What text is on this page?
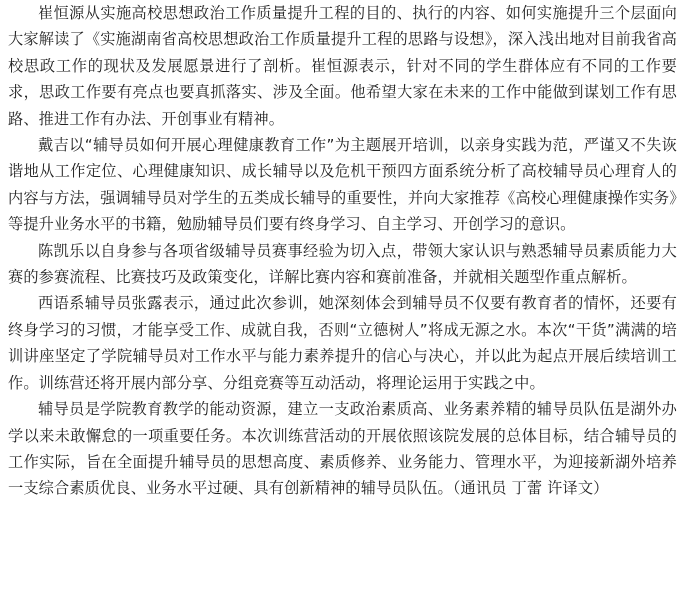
崔恒源从实施高校思想政治工作质量提升工程的目的、执行的内容、如何实施提升三个层面向大家解读了《实施湖南省高校思想政治工作质量提升工程的思路与设想》，深入浅出地对目前我省高校思政工作的现状及发展愿景进行了剖析。崔恒源表示，针对不同的学生群体应有不同的工作要求，思政工作要有亮点也要真抓落实、涉及全面。他希望大家在未来的工作中能做到谋划工作有思路、推进工作有办法、开创事业有精神。

戴吉以“辅导员如何开展心理健康教育工作”为主题展开培训，以亲身实践为范，严谨又不失诙谐地从工作定位、心理健康知识、成长辅导以及危机干预四方面系统分析了高校辅导员心理育人的内容与方法，强调辅导员对学生的五类成长辅导的重要性，并向大家推荐《高校心理健康操作实务》等提升业务水平的书籍，勉励辅导员们要有终身学习、自主学习、开创学习的意识。

陈凯乐以自身参与各项省级辅导员赛事经验为切入点，带领大家认识与熟悉辅导员素质能力大赛的参赛流程、比赛技巧及政策变化，详解比赛内容和赛前准备，并就相关题型作重点解析。

西语系辅导员张露表示，通过此次参训，她深刻体会到辅导员不仅要有教育者的情怀，还要有终身学习的习惯，才能享受工作、成就自我，否则“立德树人”将成无源之水。本次“干货”满满的培训讲座坚定了学院辅导员对工作水平与能力素养提升的信心与决心，并以此为起点开展后续培训工作。训练营还将开展内部分享、分组竞赛等互动活动，将理论运用于实践之中。

辅导员是学院教育教学的能动资源，建立一支政治素质高、业务素养精的辅导员队伍是湖外办学以来未敢懈怠的一项重要任务。本次训练营活动的开展依照该院发展的总体目标，结合辅导员的工作实际，旨在全面提升辅导员的思想高度、素质修养、业务能力、管理水平，为迎接新湖外培养一支综合素质优良、业务水平过硬、具有创新精神的辅导员队伍。（通讯员 丁蕾 许译文）
